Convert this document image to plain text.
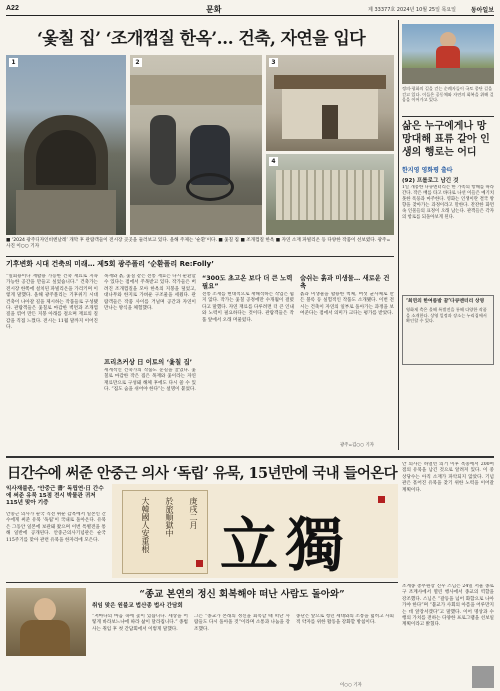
A22	문화	제 33377호 2024년 10월 25일 목요일 동아일보
‘옻칠 집’ ‘조개껍질 한옥’… 건축, 자연을 입다
1	2	3
4

■ ‘2024 광주디자인비엔날레’ 개막 후 관람객들이 전시장 곳곳을 둘러보고 있다. 올해 주제는 ‘순환’이다. ■ 옻칠 집 ■ 조개껍질 한옥 ■ 자연 소재 파빌리온 등 다양한 작품이 선보였다. 광주=사진 이○○ 기자

기후변화 시대 건축의 미래… 제5회 광주폴리 ‘순환폴리 Re:Folly’

“일회용이나 재활용 가능한 건축 재료로 지속가능한 공간을 만들고 싶었습니다.” 건축가는 전시장 한쪽에 설치된 파빌리온을 가리키며 이렇게 말했다. 올해 광주폴리는 기후위기 시대 건축이 나아갈 길을 제시하는 작품들로 구성됐다. 관람객들은 옻칠로 마감한 벽면과 조개껍질을 엮어 만든 지붕 아래를 걸으며 재료의 질감을 직접 느꼈다. 전시는 11월 말까지 이어진다.

목재와 흙, 옻칠 같은 전통 재료는 다시 순환할 수 있다는 점에서 주목받고 있다. 작가들은 버려진 조개껍질을 모아 한옥의 지붕을 덮었고, 대나무와 한지로 가벼운 구조물을 세웠다. 관람객들은 작품 사이를 거닐며 공간과 자연이 만나는 방식을 체험했다.

프리츠커상 日 이토의 ‘옻칠 집’

세계적인 건축가의 작품도 눈길을 끌었다. 옻칠로 마감한 작은 집은 목재와 옻이라는 자연 재료만으로 구성돼 해체 후에도 다시 쓸 수 있다. “집도 숨을 쉬어야 한다”는 설명이 붙었다.

“300도 초고온 보다 더 큰 노력 필요”

전통 소재를 현대적으로 재해석하는 작업은 쉽지 않다. 작가는 옻칠 공정에만 수개월이 걸렸다고 말했다. 자연 재료를 다루려면 더 큰 인내와 노력이 필요하다는 것이다. 관람객들은 작품 앞에서 오래 머물렀다.

숨쉬는 흙과 미생물… 새로운 건축

흙과 미생물을 활용한 벽체, 버섯 균사체로 만든 블록 등 실험적인 작품도 소개됐다. 이번 전시는 건축이 자연의 일부로 돌아가는 과정을 보여준다는 점에서 의미가 크다는 평가를 받았다.

광주=김○○ 기자

정의·평화의 길을 걷는 순례자들이 국토 종단 길을 걷고 있다. 이들은 공동체와 자연의 회복을 위해 걸음을 이어가고 있다.

삶은 누구에게나 망망대해 표류 같아 인생의 행로는 어디
한지영 영화평 출타
(92) 프롤로그 남긴 것

1일 개봉한 다큐멘터리는 한 가족의 항해를 따라간다. 작은 배를 타고 바다로 나선 이들은 예기치 못한 폭풍과 마주한다. 영화는 인생이란 결국 방향을 찾아가는 과정이라고 말한다. 잔잔한 화면 속 인물들의 표정이 오래 남는다. 관객들은 각자의 항로를 되돌아보게 된다.

‘최연의 한여름밤 꿈’다큐멘터리 상영
영화제 측은 올해 특별전을 통해 다양한 작품을 소개한다. 상영 일정과 장소는 누리집에서 확인할 수 있다.
日간수에 써준 안중근 의사 ‘독립’ 유묵, 15년만에 국내 들어온다
익사재불존, ‘안중근 書’ 독립연·日 간수에 써준 유묵 15점 전시 박물관 귀저 115년 맞아 기증

안중근 의사가 순국 직전 뤼순 감옥에서 일본인 간수에게 써준 유묵 ‘독립’이 국내로 돌아온다. 유묵은 그동안 일본에 보관돼 왔으며 이번 특별전을 통해 일반에 공개된다. 안중근의사기념관은 순국 115주기를 맞아 관련 유묵을 한자리에 모은다.

庚戌二月
於旅順獄中
大韓國人安重根 立獨

안 의사는 하얼빈 의거 이후 옥중에서 200여 점의 유묵을 남긴 것으로 알려져 있다. 이 중 상당수는 아직 소재가 파악되지 않았다. 기념관은 흩어진 유묵을 찾기 위한 노력을 이어갈 계획이다.

“종교 본연의 정신 회복해야 떠난 사람도 돌아와”
취임 맞은 원불교 법산종 법사 간담회

“저마다의 마음 속에 꽃이 있습니다. 세상을 어떻게 바라보느냐에 따라 삶이 달라집니다.” 종법사는 취임 후 첫 간담회에서 이렇게 말했다.

그는 “종교가 본래의 정신을 회복할 때 떠난 사람들도 다시 돌아올 것”이라며 소통과 나눔을 강조했다.

종단은 앞으로 청년 세대와의 소통을 넓히고 사회적 약자를 위한 활동을 강화할 방침이다.

이○○ 기자

조계종 총무원장 진우 스님은 24일 서울 종로구 조계사에서 열린 행사에서 종교의 역할을 강조했다. 스님은 “갈등을 넘어 화합으로 나아가야 한다”며 “불교가 사회의 아픔을 어루만지는 데 앞장서겠다”고 말했다. 이어 명상과 수행의 가치를 전하는 다양한 프로그램을 선보일 계획이라고 밝혔다.
